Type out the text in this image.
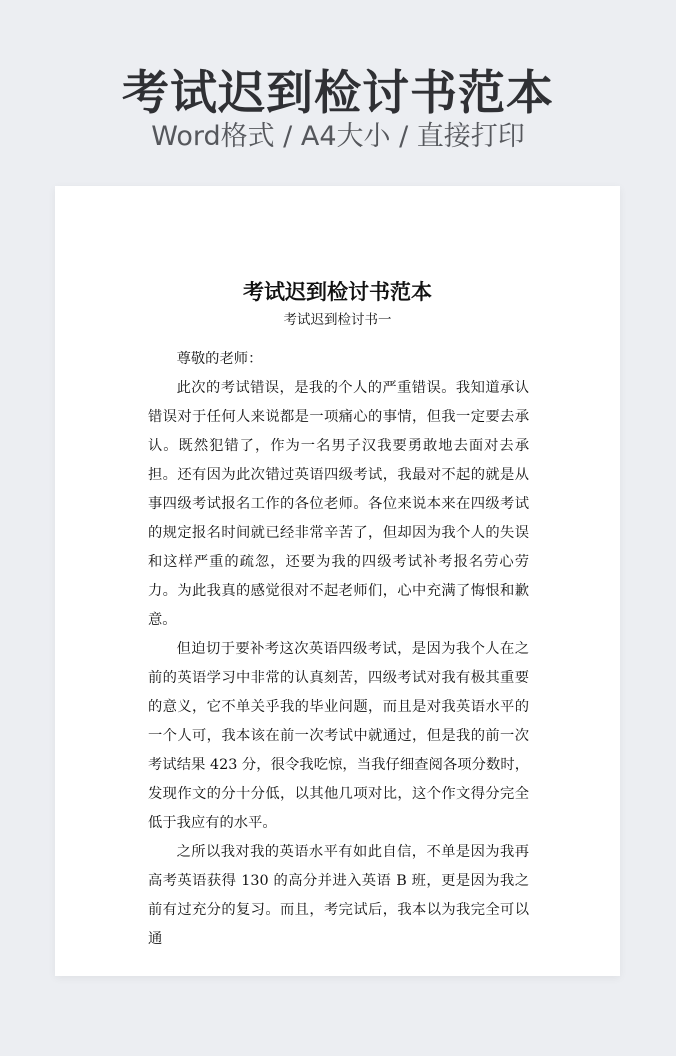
考试迟到检讨书范本
Word格式 / A4大小 / 直接打印
考试迟到检讨书范本
考试迟到检讨书一

尊敬的老师：

此次的考试错误，是我的个人的严重错误。我知道承认错误对于任何人来说都是一项痛心的事情，但我一定要去承认。既然犯错了，作为一名男子汉我要勇敢地去面对去承担。还有因为此次错过英语四级考试，我最对不起的就是从事四级考试报名工作的各位老师。各位来说本来在四级考试的规定报名时间就已经非常辛苦了，但却因为我个人的失误和这样严重的疏忽，还要为我的四级考试补考报名劳心劳力。为此我真的感觉很对不起老师们，心中充满了悔恨和歉意。

但迫切于要补考这次英语四级考试，是因为我个人在之前的英语学习中非常的认真刻苦，四级考试对我有极其重要的意义，它不单关乎我的毕业问题，而且是对我英语水平的一个人可，我本该在前一次考试中就通过，但是我的前一次考试结果 423 分，很令我吃惊，当我仔细查阅各项分数时，发现作文的分十分低，以其他几项对比，这个作文得分完全低于我应有的水平。

之所以我对我的英语水平有如此自信，不单是因为我再高考英语获得 130 的高分并进入英语 B 班，更是因为我之前有过充分的复习。而且，考完试后，我本以为我完全可以通
